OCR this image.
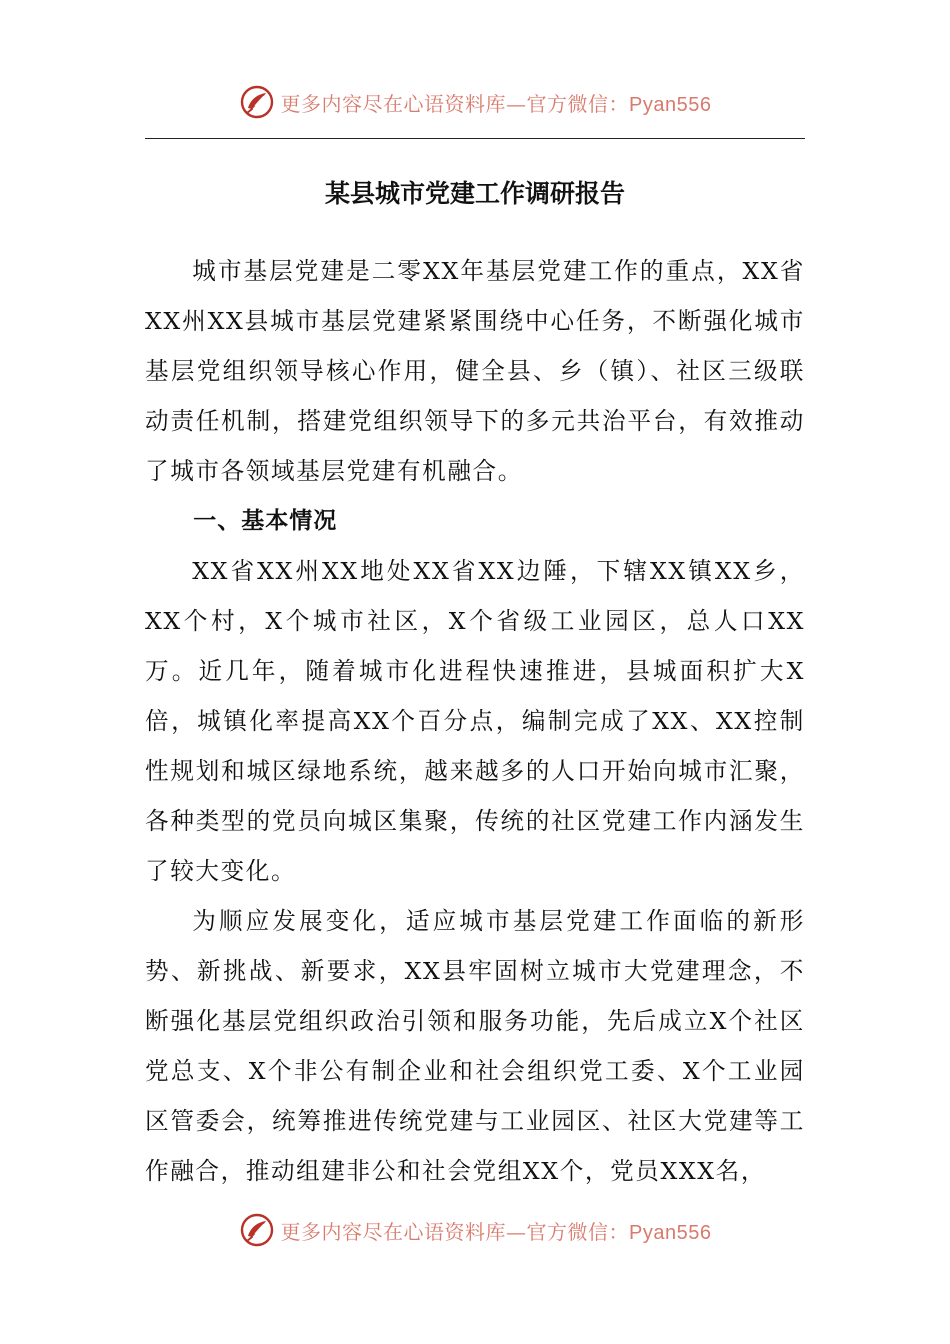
更多内容尽在心语资料库—官方微信：Pyan556
某县城市党建工作调研报告

城市基层党建是二零XX年基层党建工作的重点，XX省XX州XX县城市基层党建紧紧围绕中心任务，不断强化城市基层党组织领导核心作用，健全县、乡（镇）、社区三级联动责任机制，搭建党组织领导下的多元共治平台，有效推动了城市各领域基层党建有机融合。

一、基本情况

XX省XX州XX地处XX省XX边陲，下辖XX镇XX乡，XX个村，X个城市社区，X个省级工业园区，总人口XX万。近几年，随着城市化进程快速推进，县城面积扩大X倍，城镇化率提高XX个百分点，编制完成了XX、XX控制性规划和城区绿地系统，越来越多的人口开始向城市汇聚，各种类型的党员向城区集聚，传统的社区党建工作内涵发生了较大变化。

为顺应发展变化，适应城市基层党建工作面临的新形势、新挑战、新要求，XX县牢固树立城市大党建理念，不断强化基层党组织政治引领和服务功能，先后成立X个社区党总支、X个非公有制企业和社会组织党工委、X个工业园区管委会，统筹推进传统党建与工业园区、社区大党建等工作融合，推动组建非公和社会党组XX个，党员XXX名，

更多内容尽在心语资料库—官方微信：Pyan556
